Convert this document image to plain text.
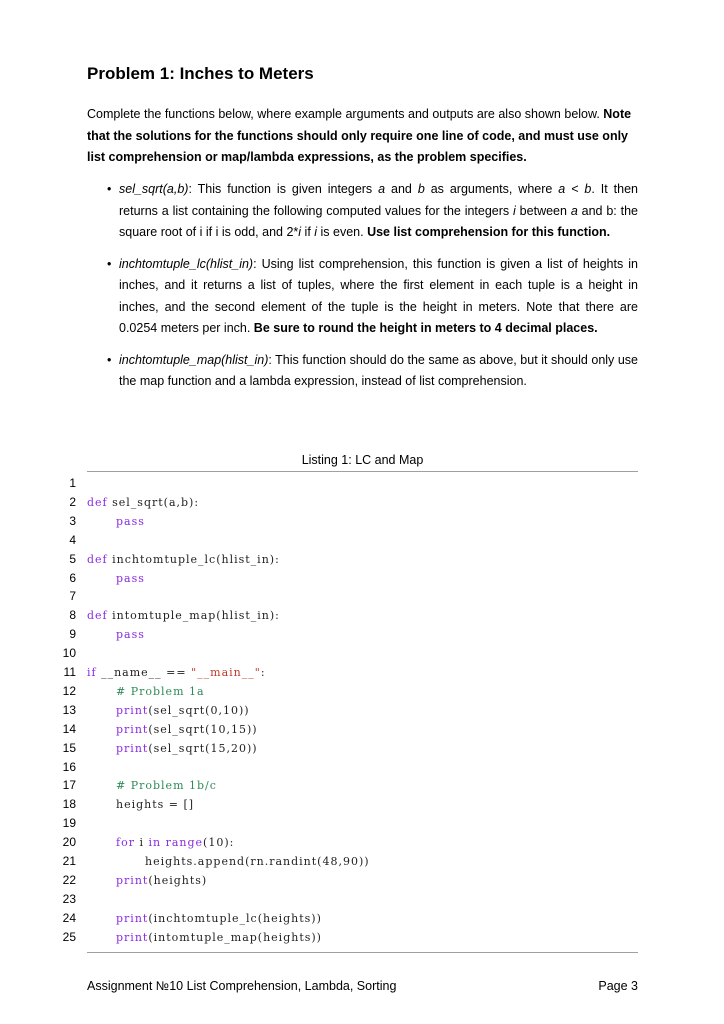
Problem 1: Inches to Meters
Complete the functions below, where example arguments and outputs are also shown below. Note that the solutions for the functions should only require one line of code, and must use only list comprehension or map/lambda expressions, as the problem specifies.
• sel_sqrt(a,b): This function is given integers a and b as arguments, where a < b. It then returns a list containing the following computed values for the integers i between a and b: the square root of i if i is odd, and 2*i if i is even. Use list comprehension for this function.
• inchtomtuple_lc(hlist_in): Using list comprehension, this function is given a list of heights in inches, and it returns a list of tuples, where the first element in each tuple is a height in inches, and the second element of the tuple is the height in meters. Note that there are 0.0254 meters per inch. Be sure to round the height in meters to 4 decimal places.
• inchtomtuple_map(hlist_in): This function should do the same as above, but it should only use the map function and a lambda expression, instead of list comprehension.
Listing 1: LC and Map
1
2 def sel_sqrt(a,b):
3	pass
4
5 def inchtomtuple_lc(hlist_in):
6	pass
7
8 def intomtuple_map(hlist_in):
9	pass
10
11 if __name__ == "__main__":
12	# Problem 1a
13	print(sel_sqrt(0,10))
14	print(sel_sqrt(10,15))
15	print(sel_sqrt(15,20))
16
17	# Problem 1b/c
18	heights = []
19
20	for i in range(10):
21	heights.append(rn.randint(48,90))
22	print(heights)
23
24	print(inchtomtuple_lc(heights))
25	print(intomtuple_map(heights))
Assignment №10 List Comprehension, Lambda, Sorting	Page 3
